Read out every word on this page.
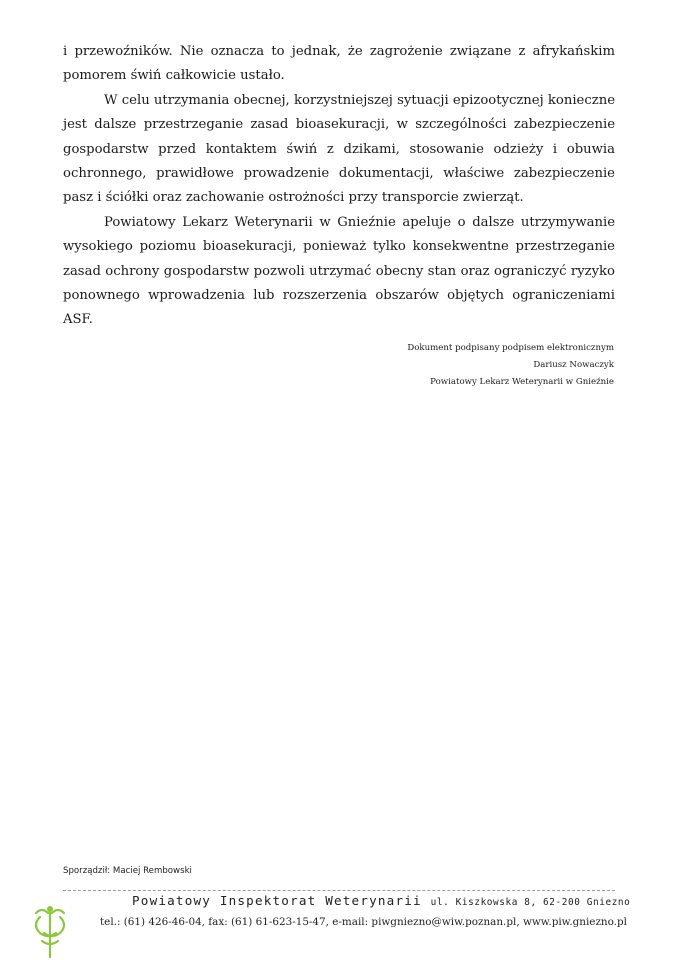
i przewoźników. Nie oznacza to jednak, że zagrożenie związane z afrykańskim pomorem świń całkowicie ustało.

W celu utrzymania obecnej, korzystniejszej sytuacji epizootycznej konieczne jest dalsze przestrzeganie zasad bioasekuracji, w szczególności zabezpieczenie gospodarstw przed kontaktem świń z dzikami, stosowanie odzieży i obuwia ochronnego, prawidłowe prowadzenie dokumentacji, właściwe zabezpieczenie pasz i ściółki oraz zachowanie ostrożności przy transporcie zwierząt.

Powiatowy Lekarz Weterynarii w Gnieźnie apeluje o dalsze utrzymywanie wysokiego poziomu bioasekuracji, ponieważ tylko konsekwentne przestrzeganie zasad ochrony gospodarstw pozwoli utrzymać obecny stan oraz ograniczyć ryzyko ponownego wprowadzenia lub rozszerzenia obszarów objętych ograniczeniami ASF.

Dokument podpisany podpisem elektronicznym
Dariusz Nowaczyk
Powiatowy Lekarz Weterynarii w Gnieźnie
Sporządził: Maciej Rembowski
Powiatowy Inspektorat Weterynarii ul. Kiszkowska 8, 62-200 Gniezno
tel.: (61) 426-46-04, fax: (61) 61-623-15-47, e-mail: piwgniezno@wiw.poznan.pl, www.piw.gniezno.pl
